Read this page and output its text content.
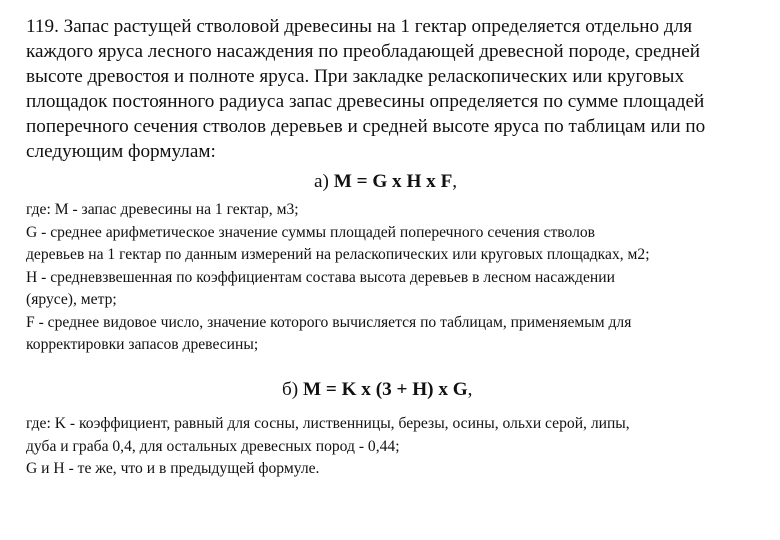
119. Запас растущей стволовой древесины на 1 гектар определяется отдельно для
каждого яруса лесного насаждения по преобладающей древесной породе, средней
высоте древостоя и полноте яруса. При закладке реласкопических или круговых
площадок постоянного радиуса запас древесины определяется по сумме площадей
поперечного сечения стволов деревьев и средней высоте яруса по таблицам или по
следующим формулам:

а) M = G x H x F,

где: M - запас древесины на 1 гектар, м3;
G - среднее арифметическое значение суммы площадей поперечного сечения стволов
деревьев на 1 гектар по данным измерений на реласкопических или круговых площадках, м2;
H - средневзвешенная по коэффициентам состава высота деревьев в лесном насаждении
(ярусе), метр;
F - среднее видовое число, значение которого вычисляется по таблицам, применяемым для
корректировки запасов древесины;

б) M = K x (3 + H) x G,

где: K - коэффициент, равный для сосны, лиственницы, березы, осины, ольхи серой, липы,
дуба и граба 0,4, для остальных древесных пород - 0,44;
G и H - те же, что и в предыдущей формуле.
